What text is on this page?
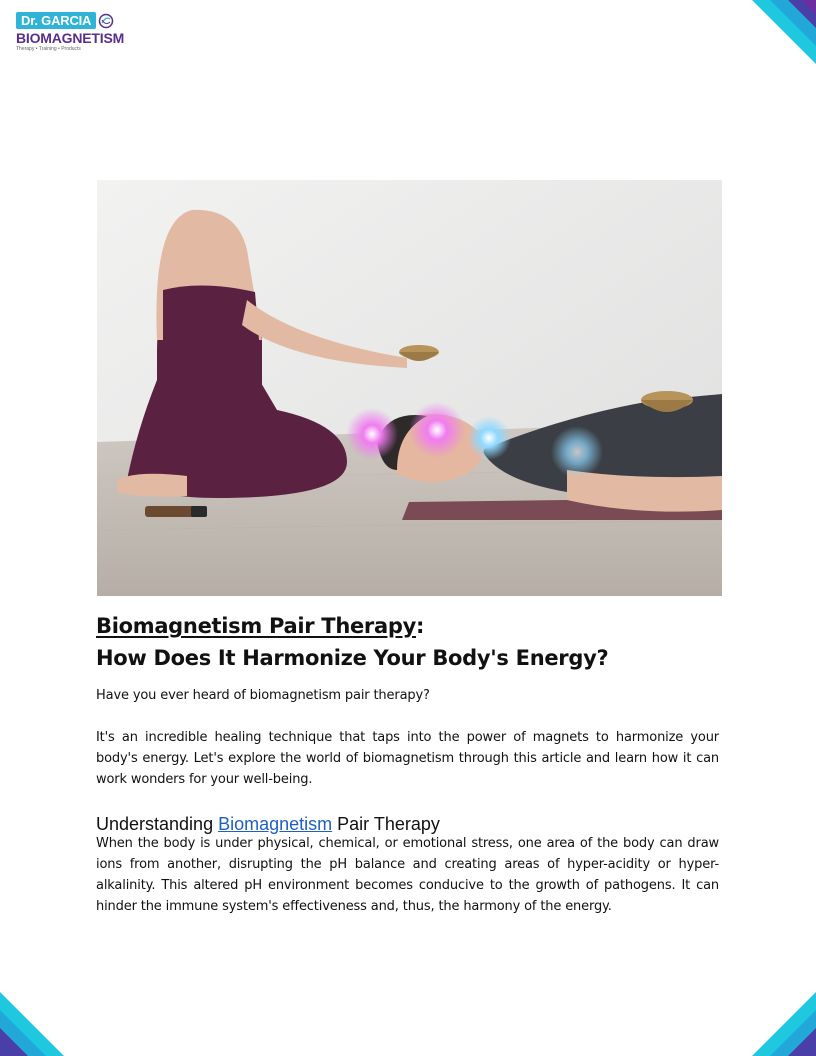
Dr. GARCIA
BIOMAGNETISM
Therapy • Training • Products
Biomagnetism Pair Therapy:
How Does It Harmonize Your Body's Energy?

Have you ever heard of biomagnetism pair therapy?

It's an incredible healing technique that taps into the power of magnets to harmonize your body's energy. Let's explore the world of biomagnetism through this article and learn how it can work wonders for your well-being.

Understanding Biomagnetism Pair Therapy

When the body is under physical, chemical, or emotional stress, one area of the body can draw ions from another, disrupting the pH balance and creating areas of hyper-acidity or hyper-alkalinity. This altered pH environment becomes conducive to the growth of pathogens. It can hinder the immune system's effectiveness and, thus, the harmony of the energy.
